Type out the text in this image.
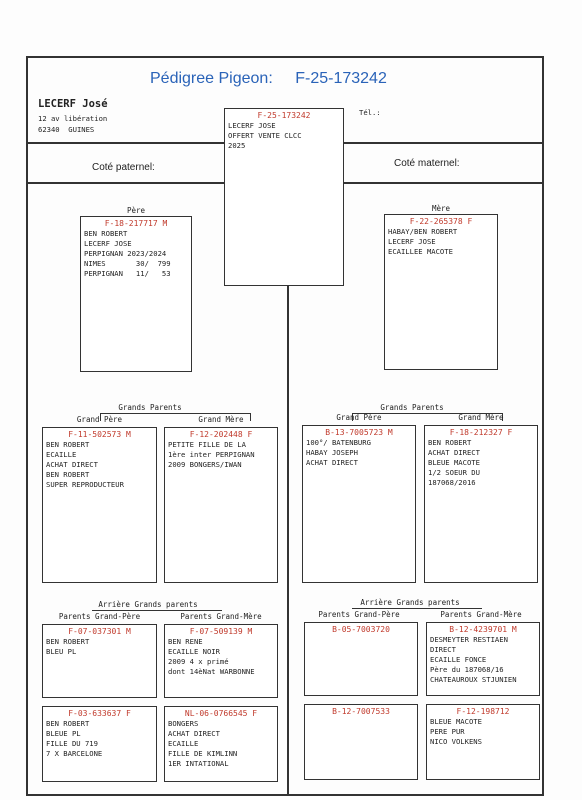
Pédigree Pigeon: F-25-173242
LECERF José
12 av libération
62340  GUINES
Tél.:
Coté paternel:	Coté maternel:
F-25-173242
LECERF JOSE
OFFERT VENTE CLCC
2025
Père
F-18-217717 M
BEN ROBERT
LECERF JOSE
PERPIGNAN 2023/2024
NIMES       30/  799
PERPIGNAN   11/   53
Mère
F-22-265378 F
HABAY/BEN ROBERT
LECERF JOSE
ECAILLEE MACOTE
Grands Parents
Grand Père	Grand Mère
Grands Parents
Grand Père	Grand Mère
F-11-502573 M
BEN ROBERT
ECAILLE
ACHAT DIRECT
BEN ROBERT
SUPER REPRODUCTEUR
F-12-202448 F
PETITE FILLE DE LA
1ère inter PERPIGNAN
2009 BONGERS/IWAN
B-13-7005723 M
100°/ BATENBURG
HABAY JOSEPH
ACHAT DIRECT
F-18-212327 F
BEN ROBERT
ACHAT DIRECT
BLEUE MACOTE
1/2 SOEUR DU
187068/2016
Arrière Grands parents
Parents Grand-Père	Parents Grand-Mère
Arrière Grands parents
Parents Grand-Père	Parents Grand-Mère
F-07-037301 M
BEN ROBERT
BLEU PL
F-07-509139 M
BEN RENE
ECAILLE NOIR
2009 4 x primé
dont 14èNat WARBONNE
F-03-633637 F
BEN ROBERT
BLEUE PL
FILLE DU 719
7 X BARCELONE
NL-06-0766545 F
BONGERS
ACHAT DIRECT
ECAILLE
FILLE DE KIMLINN
1ER INTATIONAL
B-05-7003720	B-12-4239701 M
DESMEYTER RESTIAEN
DIRECT
ECAILLE FONCE
Père du 187068/16
CHATEAUROUX STJUNIEN
B-12-7007533	F-12-198712
BLEUE MACOTE
PERE PUR
NICO VOLKENS
